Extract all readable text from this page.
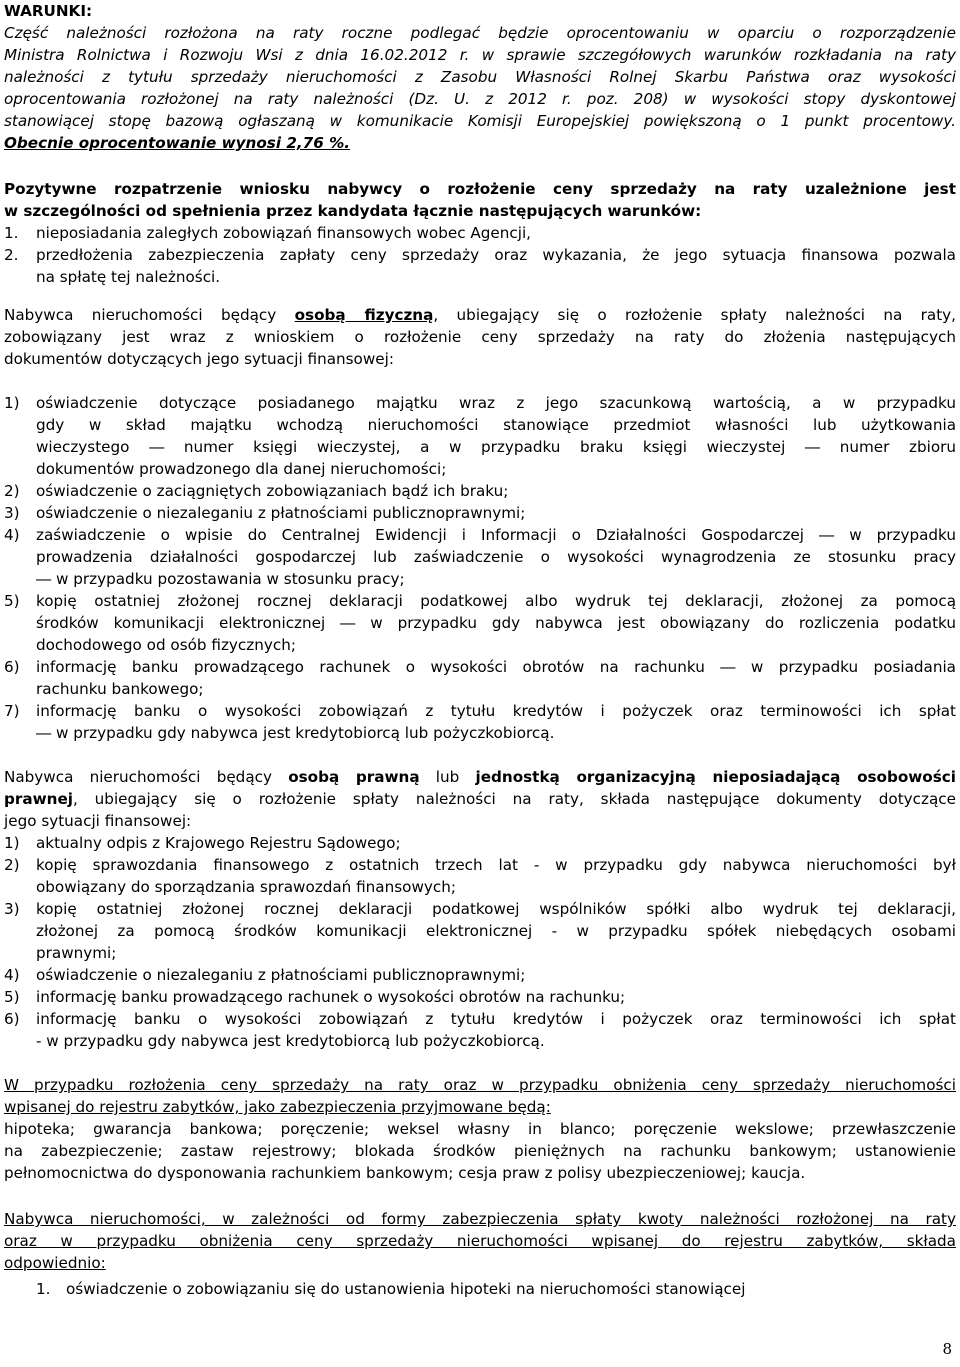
WARUNKI:
Część należności rozłożona na raty roczne podlegać będzie oprocentowaniu w oparciu o rozporządzenie
Ministra Rolnictwa i Rozwoju Wsi z dnia 16.02.2012 r. w sprawie szczegółowych warunków rozkładania na raty
należności z tytułu sprzedaży nieruchomości z Zasobu Własności Rolnej Skarbu Państwa oraz wysokości
oprocentowania rozłożonej na raty należności (Dz. U. z 2012 r. poz. 208) w wysokości stopy dyskontowej
stanowiącej stopę bazową ogłaszaną w komunikacie Komisji Europejskiej powiększoną o 1 punkt procentowy.
Obecnie oprocentowanie wynosi 2,76 %.
Pozytywne rozpatrzenie wniosku nabywcy o rozłożenie ceny sprzedaży na raty uzależnione jest
w szczególności od spełnienia przez kandydata łącznie następujących warunków:
1. nieposiadania zaległych zobowiązań finansowych wobec Agencji,
2. przedłożenia zabezpieczenia zapłaty ceny sprzedaży oraz wykazania, że jego sytuacja finansowa pozwala
na spłatę tej należności.
Nabywca nieruchomości będący osobą fizyczną, ubiegający się o rozłożenie spłaty należności na raty,
zobowiązany jest wraz z wnioskiem o rozłożenie ceny sprzedaży na raty do złożenia następujących
dokumentów dotyczących jego sytuacji finansowej:
1) oświadczenie dotyczące posiadanego majątku wraz z jego szacunkową wartością, a w przypadku
gdy w skład majątku wchodzą nieruchomości stanowiące przedmiot własności lub użytkowania
wieczystego ― numer księgi wieczystej, a w przypadku braku księgi wieczystej ― numer zbioru
dokumentów prowadzonego dla danej nieruchomości;
2) oświadczenie o zaciągniętych zobowiązaniach bądź ich braku;
3) oświadczenie o niezaleganiu z płatnościami publicznoprawnymi;
4) zaświadczenie o wpisie do Centralnej Ewidencji i Informacji o Działalności Gospodarczej ― w przypadku
prowadzenia działalności gospodarczej lub zaświadczenie o wysokości wynagrodzenia ze stosunku pracy
― w przypadku pozostawania w stosunku pracy;
5) kopię ostatniej złożonej rocznej deklaracji podatkowej albo wydruk tej deklaracji, złożonej za pomocą
środków komunikacji elektronicznej ― w przypadku gdy nabywca jest obowiązany do rozliczenia podatku
dochodowego od osób fizycznych;
6) informację banku prowadzącego rachunek o wysokości obrotów na rachunku ― w przypadku posiadania
rachunku bankowego;
7) informację banku o wysokości zobowiązań z tytułu kredytów i pożyczek oraz terminowości ich spłat
― w przypadku gdy nabywca jest kredytobiorcą lub pożyczkobiorcą.
Nabywca nieruchomości będący osobą prawną lub jednostką organizacyjną nieposiadającą osobowości
prawnej, ubiegający się o rozłożenie spłaty należności na raty, składa następujące dokumenty dotyczące
jego sytuacji finansowej:
1) aktualny odpis z Krajowego Rejestru Sądowego;
2) kopię sprawozdania finansowego z ostatnich trzech lat - w przypadku gdy nabywca nieruchomości był
obowiązany do sporządzania sprawozdań finansowych;
3) kopię ostatniej złożonej rocznej deklaracji podatkowej wspólników spółki albo wydruk tej deklaracji,
złożonej za pomocą środków komunikacji elektronicznej - w przypadku spółek niebędących osobami
prawnymi;
4) oświadczenie o niezaleganiu z płatnościami publicznoprawnymi;
5) informację banku prowadzącego rachunek o wysokości obrotów na rachunku;
6) informację banku o wysokości zobowiązań z tytułu kredytów i pożyczek oraz terminowości ich spłat
- w przypadku gdy nabywca jest kredytobiorcą lub pożyczkobiorcą.
W przypadku rozłożenia ceny sprzedaży na raty oraz w przypadku obniżenia ceny sprzedaży nieruchomości
wpisanej do rejestru zabytków, jako zabezpieczenia przyjmowane będą:
hipoteka; gwarancja bankowa; poręczenie; weksel własny in blanco; poręczenie wekslowe; przewłaszczenie
na zabezpieczenie; zastaw rejestrowy; blokada środków pieniężnych na rachunku bankowym; ustanowienie
pełnomocnictwa do dysponowania rachunkiem bankowym; cesja praw z polisy ubezpieczeniowej; kaucja.
Nabywca nieruchomości, w zależności od formy zabezpieczenia spłaty kwoty należności rozłożonej na raty
oraz w przypadku obniżenia ceny sprzedaży nieruchomości wpisanej do rejestru zabytków, składa
odpowiednio:
1. oświadczenie o zobowiązaniu się do ustanowienia hipoteki na nieruchomości stanowiącej
8
